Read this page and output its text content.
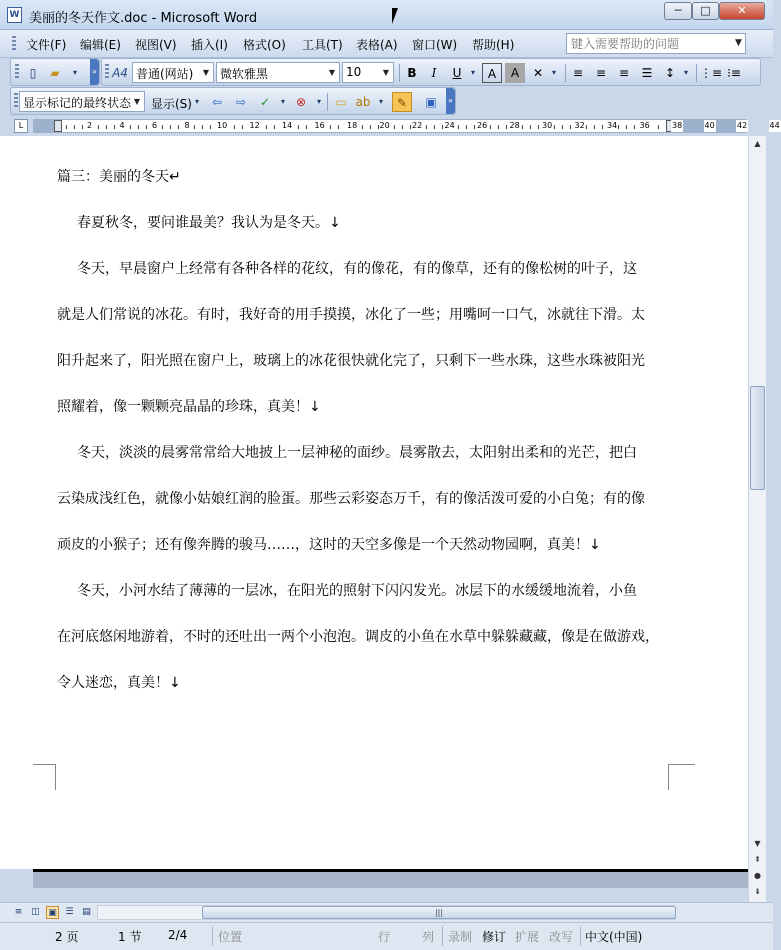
W 美丽的冬天作文.doc - Microsoft Word
─	□	✕
文件(F) 编辑(E) 视图(V) 插入(I) 格式(O) 工具(T) 表格(A) 窗口(W) 帮助(H)
键入需要帮助的问题	▼
▯	▰	▾	» A4 普通(网站)	▼ 微软雅黑	▼ 10	▼	B	I	U	▾	A	A	✕	▾	≡	≡	≡	☰	↕	▾	⋮≡ ⁝≡
显示标记的最终状态 ▼ 显示(S) ▾	⇦	⇨	✓	▾ ⊗	▾	▭ ab	▾	✎	▣	»
L	2	4	6	8	10	12	14	16	18	20	22	24	26	28	30	32	34	36	38	40	42	44
篇三：美丽的冬天↵
春夏秋冬，要问谁最美？我认为是冬天。↓
冬天，早晨窗户上经常有各种各样的花纹，有的像花，有的像草，还有的像松树的叶子，这
就是人们常说的冰花。有时，我好奇的用手摸摸，冰化了一些；用嘴呵一口气，冰就往下滑。太
阳升起来了，阳光照在窗户上，玻璃上的冰花很快就化完了，只剩下一些水珠，这些水珠被阳光
照耀着，像一颗颗亮晶晶的珍珠，真美！↓
冬天，淡淡的晨雾常常给大地披上一层神秘的面纱。晨雾散去，太阳射出柔和的光芒，把白
云染成浅红色，就像小姑娘红润的脸蛋。那些云彩姿态万千，有的像活泼可爱的小白兔；有的像
顽皮的小猴子；还有像奔腾的骏马……，这时的天空多像是一个天然动物园啊，真美！↓
冬天，小河水结了薄薄的一层冰，在阳光的照射下闪闪发光。冰层下的水缓缓地流着，小鱼
在河底悠闲地游着，不时的还吐出一两个小泡泡。调皮的小鱼在水草中躲躲藏藏，像是在做游戏，
令人迷恋，真美！↓
▲
▼
⇞
●
⇟
≡ ◫ ▣ ☰ ▤	|||
2 页	1 节 2/4	位置	行	列 录制 修订 扩展 改写 中文(中国)
